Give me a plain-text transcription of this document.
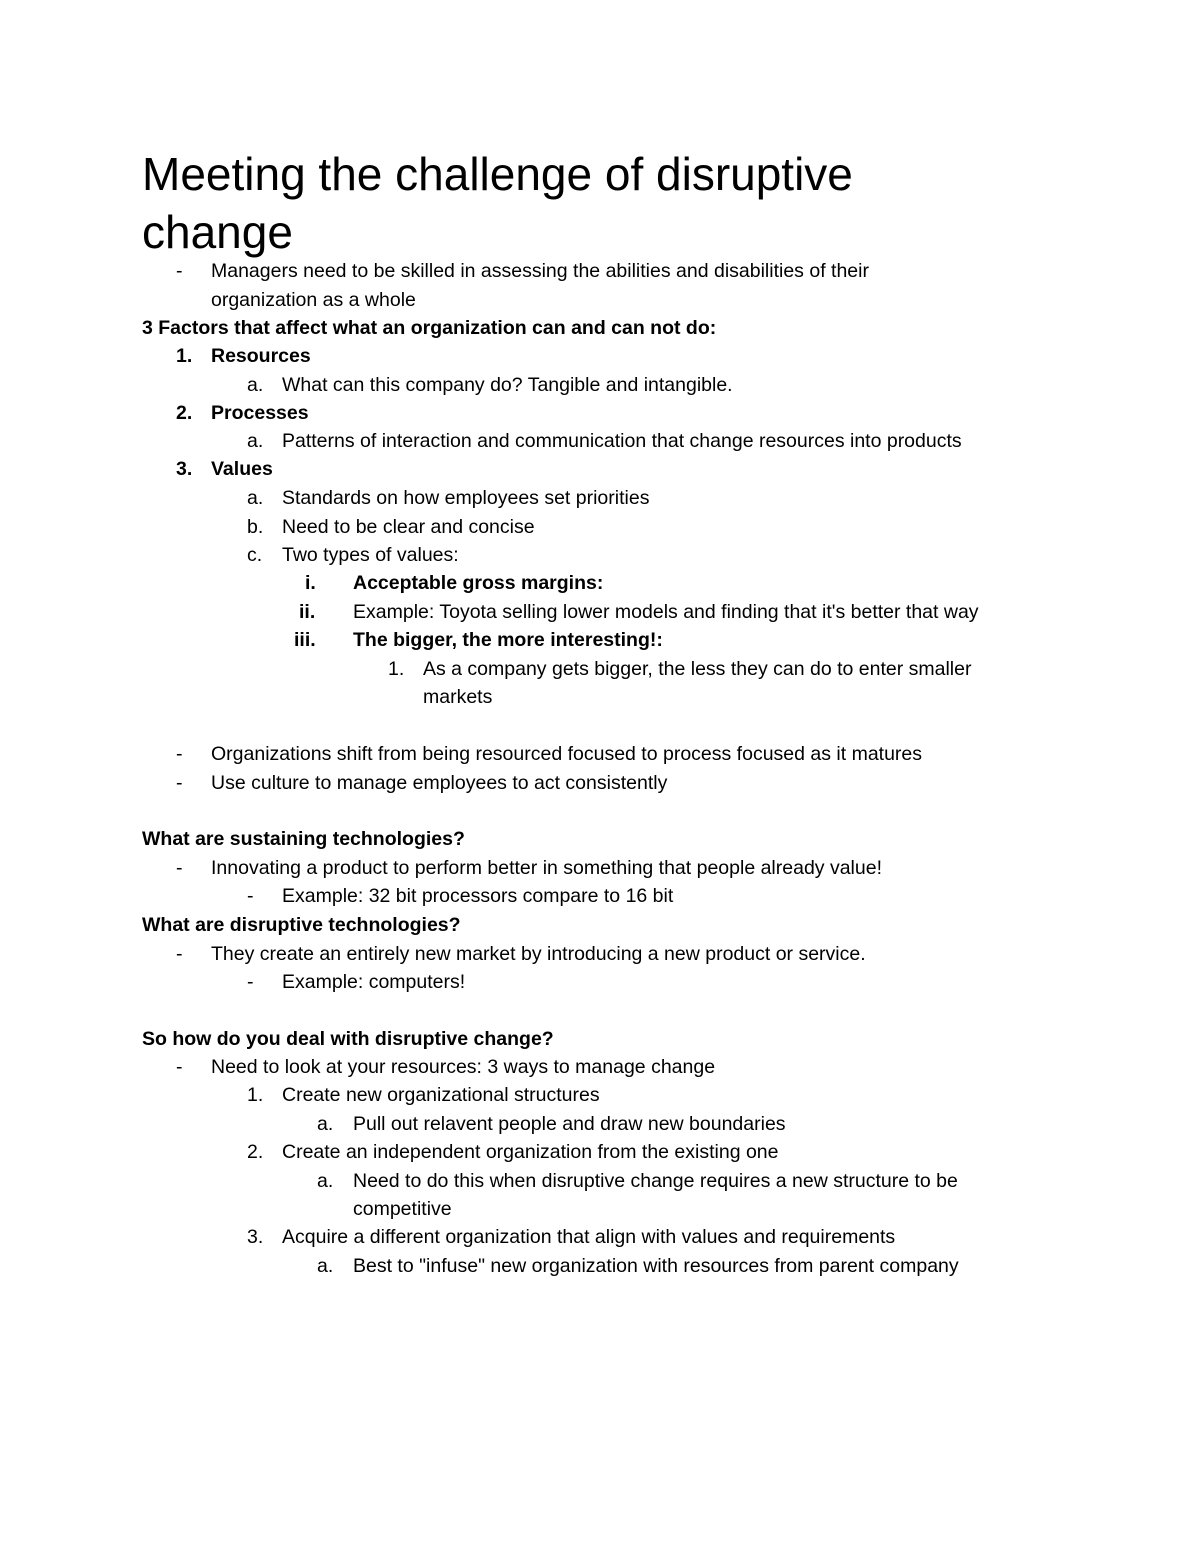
Meeting the challenge of disruptive
change
- Managers need to be skilled in assessing the abilities and disabilities of their
organization as a whole
3 Factors that affect what an organization can and can not do:
1. Resources
a. What can this company do? Tangible and intangible.
2. Processes
a. Patterns of interaction and communication that change resources into products
3. Values
a. Standards on how employees set priorities
b. Need to be clear and concise
c. Two types of values:
i. Acceptable gross margins:
ii. Example: Toyota selling lower models and finding that it's better that way
iii. The bigger, the more interesting!:
1. As a company gets bigger, the less they can do to enter smaller
markets
- Organizations shift from being resourced focused to process focused as it matures
- Use culture to manage employees to act consistently
What are sustaining technologies?
- Innovating a product to perform better in something that people already value!
- Example: 32 bit processors compare to 16 bit
What are disruptive technologies?
- They create an entirely new market by introducing a new product or service.
- Example: computers!
So how do you deal with disruptive change?
- Need to look at your resources: 3 ways to manage change
1. Create new organizational structures
a. Pull out relavent people and draw new boundaries
2. Create an independent organization from the existing one
a. Need to do this when disruptive change requires a new structure to be
competitive
3. Acquire a different organization that align with values and requirements
a. Best to "infuse" new organization with resources from parent company
